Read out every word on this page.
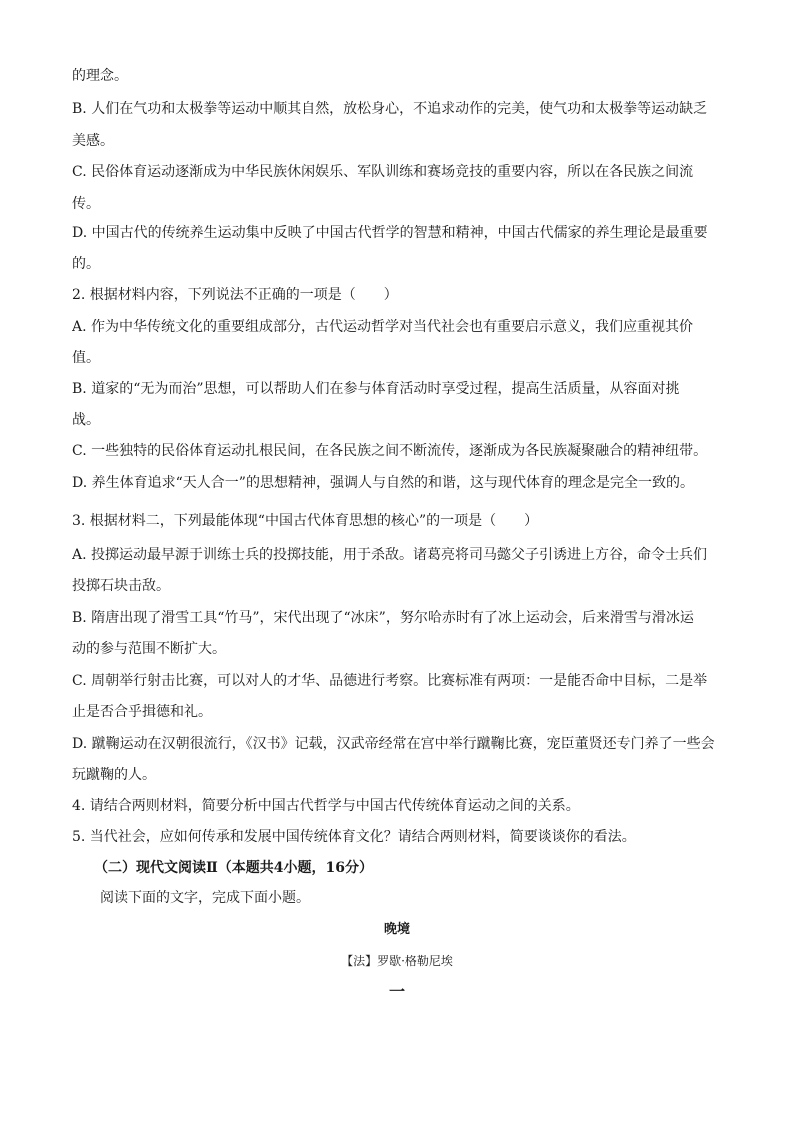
的理念。
B. 人们在气功和太极拳等运动中顺其自然，放松身心，不追求动作的完美，使气功和太极拳等运动缺乏
美感。
C. 民俗体育运动逐渐成为中华民族休闲娱乐、军队训练和赛场竞技的重要内容，所以在各民族之间流
传。
D. 中国古代的传统养生运动集中反映了中国古代哲学的智慧和精神，中国古代儒家的养生理论是最重要
的。
2. 根据材料内容，下列说法不正确的一项是（　　）
A. 作为中华传统文化的重要组成部分，古代运动哲学对当代社会也有重要启示意义，我们应重视其价
值。
B. 道家的“无为而治”思想，可以帮助人们在参与体育活动时享受过程，提高生活质量，从容面对挑
战。
C. 一些独特的民俗体育运动扎根民间，在各民族之间不断流传，逐渐成为各民族凝聚融合的精神纽带。
D. 养生体育追求“天人合一”的思想精神，强调人与自然的和谐，这与现代体育的理念是完全一致的。
3. 根据材料二，下列最能体现“中国古代体育思想的核心”的一项是（　　）
A. 投掷运动最早源于训练士兵的投掷技能，用于杀敌。诸葛亮将司马懿父子引诱进上方谷，命令士兵们
投掷石块击敌。
B. 隋唐出现了滑雪工具“竹马”，宋代出现了“冰床”，努尔哈赤时有了冰上运动会，后来滑雪与滑冰运
动的参与范围不断扩大。
C. 周朝举行射击比赛，可以对人的才华、品德进行考察。比赛标准有两项：一是能否命中目标，二是举
止是否合乎揖德和礼。
D. 蹴鞠运动在汉朝很流行，《汉书》记载，汉武帝经常在宫中举行蹴鞠比赛，宠臣董贤还专门养了一些会
玩蹴鞠的人。
4. 请结合两则材料，简要分析中国古代哲学与中国古代传统体育运动之间的关系。
5. 当代社会，应如何传承和发展中国传统体育文化？请结合两则材料，简要谈谈你的看法。
（二）现代文阅读Ⅱ（本题共4小题，16分）
阅读下面的文字，完成下面小题。
晚境
【法】罗歇·格勒尼埃
一
